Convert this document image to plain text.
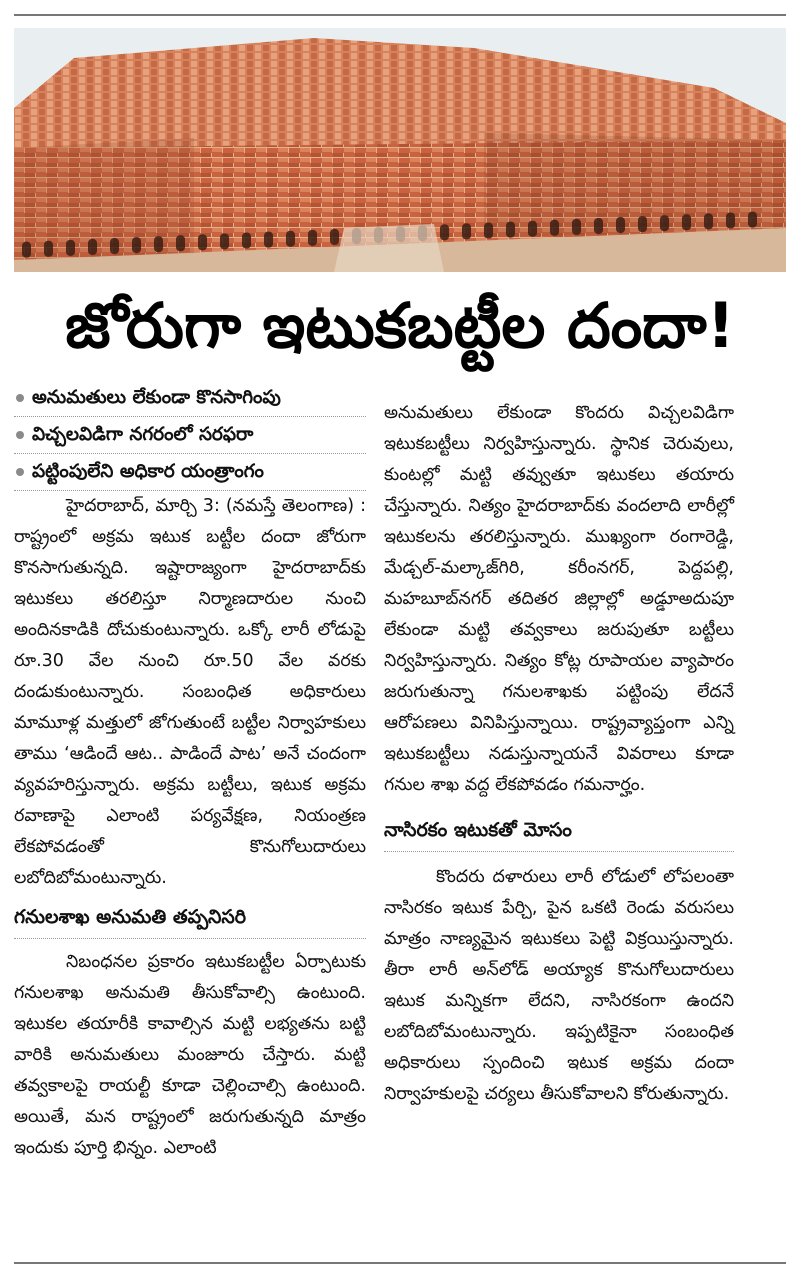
జోరుగా ఇటుకబట్టీల దందా!
అనుమతులు లేకుండా కొనసాగింపు
విచ్చలవిడిగా నగరంలో సరఫరా
పట్టింపులేని అధికార యంత్రాంగం

హైదరాబాద్, మార్చి 3: (నమస్తే తెలంగాణ) : రాష్ట్రంలో అక్రమ ఇటుక బట్టీల దందా జోరుగా కొనసాగుతున్నది. ఇష్టారాజ్యంగా హైదరాబాద్‌కు ఇటుకలు తరలిస్తూ నిర్మాణదారుల నుంచి అందినకాడికి దోచుకుంటున్నారు. ఒక్కో లారీ లోడుపై రూ.30 వేల నుంచి రూ.50 వేల వరకు దండుకుంటున్నారు. సంబంధిత అధికారులు మామూళ్ల మత్తులో జోగుతుంటే బట్టీల నిర్వాహకులు తాము ‘ఆడిందే ఆట.. పాడిందే పాట’ అనే చందంగా వ్యవహరిస్తున్నారు. అక్రమ బట్టీలు, ఇటుక అక్రమ రవాణాపై ఎలాంటి పర్యవేక్షణ, నియంత్రణ లేకపోవడంతో కొనుగోలుదారులు లబోదిబోమంటున్నారు.

గనులశాఖ అనుమతి తప్పనిసరి

నిబంధనల ప్రకారం ఇటుకబట్టీల ఏర్పాటుకు గనులశాఖ అనుమతి తీసుకోవాల్సి ఉంటుంది. ఇటుకల తయారీకి కావాల్సిన మట్టి లభ్యతను బట్టి వారికి అనుమతులు మంజూరు చేస్తారు. మట్టి తవ్వకాలపై రాయల్టీ కూడా చెల్లించాల్సి ఉంటుంది. అయితే, మన రాష్ట్రంలో జరుగుతున్నది మాత్రం ఇందుకు పూర్తి భిన్నం. ఎలాంటి

అనుమతులు లేకుండా కొందరు విచ్చలవిడిగా ఇటుకబట్టీలు నిర్వహిస్తున్నారు. స్థానిక చెరువులు, కుంటల్లో మట్టి తవ్వుతూ ఇటుకలు తయారు చేస్తున్నారు. నిత్యం హైదరాబాద్‌కు వందలాది లారీల్లో ఇటుకలను తరలిస్తున్నారు. ముఖ్యంగా రంగారెడ్డి, మేడ్చల్‌-మల్కాజ్‌గిరి, కరీంనగర్‌, పెద్దపల్లి, మహబూబ్‌నగర్‌ తదితర జిల్లాల్లో అడ్డూఅదుపూ లేకుండా మట్టి తవ్వకాలు జరుపుతూ బట్టీలు నిర్వహిస్తున్నారు. నిత్యం కోట్ల రూపాయల వ్యాపారం జరుగుతున్నా గనులశాఖకు పట్టింపు లేదనే ఆరోపణలు వినిపిస్తున్నాయి. రాష్ట్రవ్యాప్తంగా ఎన్ని ఇటుకబట్టీలు నడుస్తున్నాయనే వివరాలు కూడా గనుల శాఖ వద్ద లేకపోవడం గమనార్హం.

నాసిరకం ఇటుకతో మోసం

కొందరు దళారులు లారీ లోడులో లోపలంతా నాసిరకం ఇటుక పేర్చి, పైన ఒకటి రెండు వరుసలు మాత్రం నాణ్యమైన ఇటుకలు పెట్టి విక్రయిస్తున్నారు. తీరా లారీ అన్‌లోడ్‌ అయ్యాక కొనుగోలుదారులు ఇటుక మన్నికగా లేదని, నాసిరకంగా ఉందని లబోదిబోమంటున్నారు. ఇప్పటికైనా సంబంధిత అధికారులు స్పందించి ఇటుక అక్రమ దందా నిర్వాహకులపై చర్యలు తీసుకోవాలని కోరుతున్నారు.
